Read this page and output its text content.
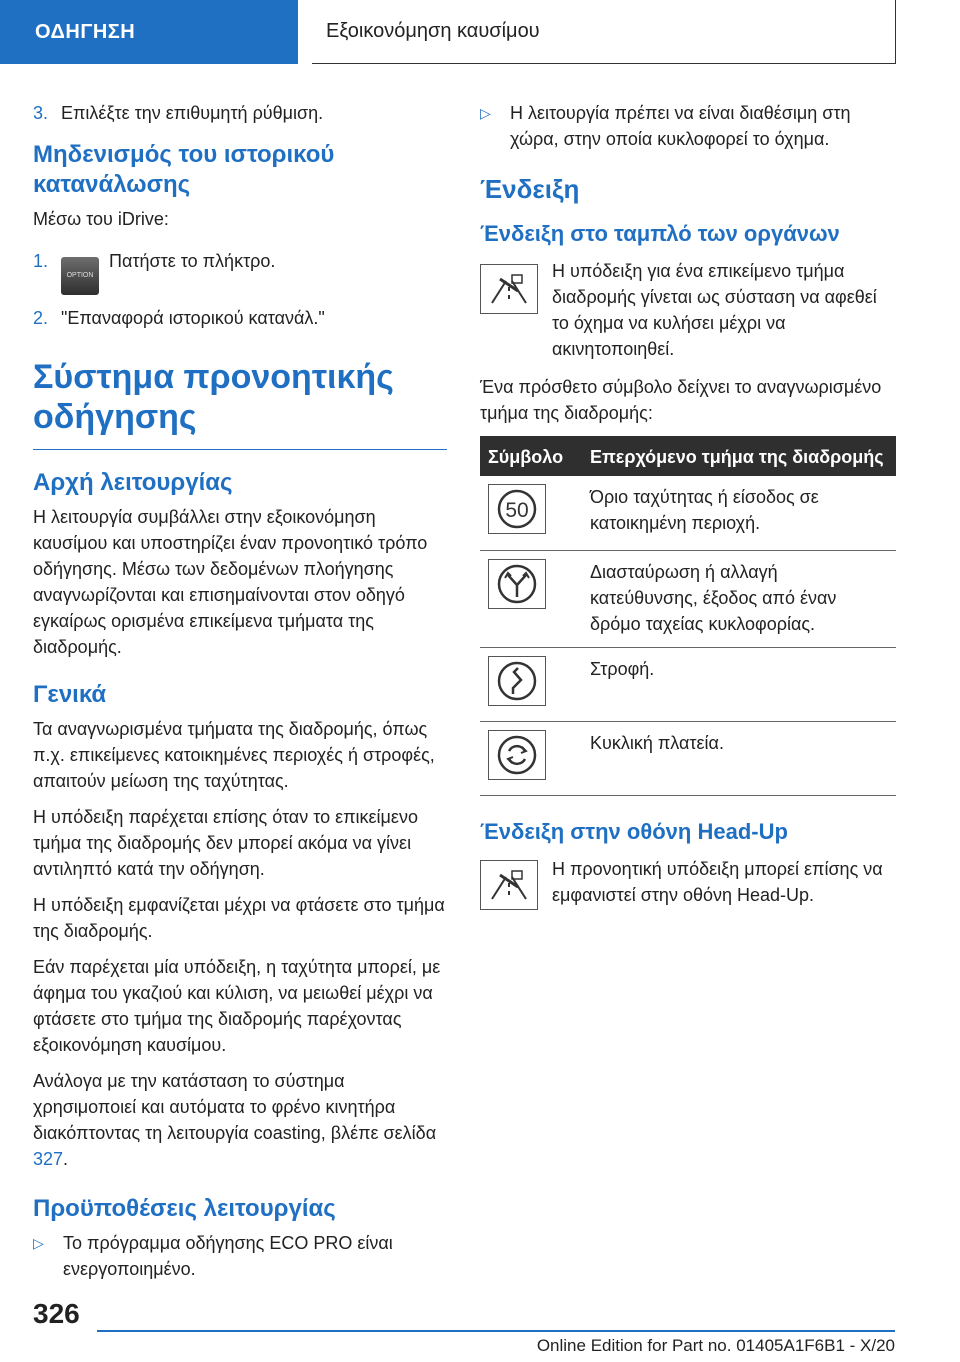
ΟΔΗΓΗΣΗ	Εξοικονόμηση καυσίμου
3. Επιλέξτε την επιθυμητή ρύθμιση.
Μηδενισμός του ιστορικού κατανάλωσης

Μέσω του iDrive:

1.
OPTIONΠατήστε το πλήκτρο.
2. "Επαναφορά ιστορικού κατανάλ."
Σύστημα προνοητικής οδήγησης
Αρχή λειτουργίας

Η λειτουργία συμβάλλει στην εξοικονόμηση καυσίμου και υποστηρίζει έναν προνοητικό τρόπο οδήγησης. Μέσω των δεδομένων πλοήγησης αναγνωρίζονται και επισημαίνονται στον οδηγό εγκαίρως ορισμένα επικείμενα τμήματα της διαδρομής.

Γενικά

Τα αναγνωρισμένα τμήματα της διαδρομής, όπως π.χ. επικείμενες κατοικημένες περιοχές ή στροφές, απαιτούν μείωση της ταχύτητας.

Η υπόδειξη παρέχεται επίσης όταν το επικείμενο τμήμα της διαδρομής δεν μπορεί ακόμα να γίνει αντιληπτό κατά την οδήγηση.

Η υπόδειξη εμφανίζεται μέχρι να φτάσετε στο τμήμα της διαδρομής.

Εάν παρέχεται μία υπόδειξη, η ταχύτητα μπορεί, με άφημα του γκαζιού και κύλιση, να μειωθεί μέχρι να φτάσετε στο τμήμα της διαδρομής παρέχοντας εξοικονόμηση καυσίμου.

Ανάλογα με την κατάσταση το σύστημα χρησιμοποιεί και αυτόματα το φρένο κινητήρα διακόπτοντας τη λειτουργία coasting, βλέπε σελίδα 327.

Προϋποθέσεις λειτουργίας
▷	Το πρόγραμμα οδήγησης ECO PRO είναι ενεργοποιημένο.
▷	Η λειτουργία πρέπει να είναι διαθέσιμη στη χώρα, στην οποία κυκλοφορεί το όχημα.
Ένδειξη
Ένδειξη στο ταμπλό των οργάνων

Η υπόδειξη για ένα επικείμενο τμήμα διαδρομής γίνεται ως σύσταση να αφεθεί το όχημα να κυλήσει μέχρι να ακινητοποιηθεί.

Ένα πρόσθετο σύμβολο δείχνει το αναγνωρισμένο τμήμα της διαδρομής:

Σύμβολο	Επερχόμενο τμήμα της διαδρομής

50	Όριο ταχύτητας ή είσοδος σε κατοικημένη περιοχή.

	Διασταύρωση ή αλλαγή κατεύθυνσης, έξοδος από έναν δρόμο ταχείας κυκλοφορίας.

	Στροφή.

	Κυκλική πλατεία.
Ένδειξη στην οθόνη Head-Up

Η προνοητική υπόδειξη μπορεί επίσης να εμφανιστεί στην οθόνη Head-Up.

326
Online Edition for Part no. 01405A1F6B1 - X/20
